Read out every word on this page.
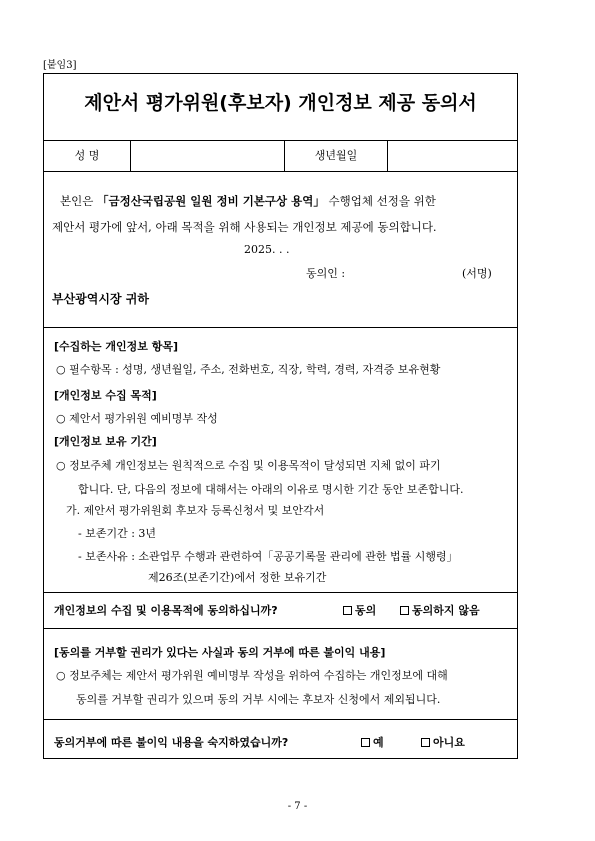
[붙임3]
제안서 평가위원(후보자) 개인정보 제공 동의서
성 명	생년월일
본인은 「금정산국립공원 일원 정비 기본구상 용역」 수행업체 선정을 위한
제안서 평가에 앞서, 아래 목적을 위해 사용되는 개인정보 제공에 동의합니다.
2025. . .
동의인 :	(서명)
부산광역시장 귀하
[수집하는 개인정보 항목]
○ 필수항목 : 성명, 생년월일, 주소, 전화번호, 직장, 학력, 경력, 자격증 보유현황
[개인정보 수집 목적]
○ 제안서 평가위원 예비명부 작성
[개인정보 보유 기간]
○ 정보주체 개인정보는 원칙적으로 수집 및 이용목적이 달성되면 지체 없이 파기
합니다. 단, 다음의 정보에 대해서는 아래의 이유로 명시한 기간 동안 보존합니다.
가. 제안서 평가위원회 후보자 등록신청서 및 보안각서
- 보존기간 : 3년
- 보존사유 : 소관업무 수행과 관련하여「공공기록물 관리에 관한 법률 시행령」
제26조(보존기간)에서 정한 보유기간
개인정보의 수집 및 이용목적에 동의하십니까?	동의	동의하지 않음
[동의를 거부할 권리가 있다는 사실과 동의 거부에 따른 불이익 내용]
○ 정보주체는 제안서 평가위원 예비명부 작성을 위하여 수집하는 개인정보에 대해
동의를 거부할 권리가 있으며 동의 거부 시에는 후보자 신청에서 제외됩니다.
동의거부에 따른 불이익 내용을 숙지하였습니까?	예	아니요
- 7 -
